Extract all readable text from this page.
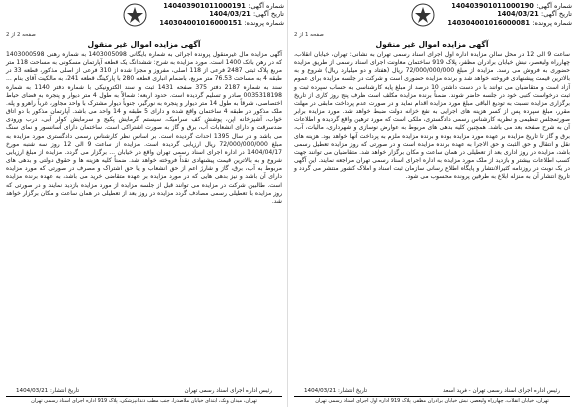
شماره آگهی: 140403901011000191
تاریخ آگهی: 1404/03/21
شماره پرونده: 140304001016000151
صفحه 2 از 2
آگهی مزایده اموال غیر منقول
آگهی مزایده مال غیرمنقول پرونده اجرائی به شماره بایگانی 1403005098 به شماره رهنی 1403000598 که در رهن بانک 1400 است. مورد مزایده به شرح: ششدانگ یک قطعه آپارتمان مسکونی به مساحت 118 متر مربع پلاک ثبتی 2487 فرعی از 118 اصلی، مفروز و مجزا شده از 310 فرعی از اصلی مذکور، قطعه 33 در طبقه 4 به مساحت 76.53 متر مربع، باضمام انباری قطعه 280 با پارکینگ قطعه 241، به مالکیت آقای بنام ... سند به شماره 2187 دفتر 375 صفحه 1431 ثبت و سند الکترونیکی با شماره دفتر 1140 به شماره 0035318198 صادر و تسلیم گردیده است. حدود اربعه: شمالاً به طول 4 متر دیوار و پنجره به فضای حیاط اختصاصی، شرقاً به طول 14 متر دیوار و پنجره به نورگیر، جنوباً دیوار مشترک با واحد مجاور، غرباً راهرو و پله. ملک مذکور در طبقه 4 ساختمان واقع شده و دارای 5 طبقه و 14 واحد می باشد. آپارتمان مذکور با دو اتاق خواب، آشپزخانه اپن، پوشش کف سرامیک، سیستم گرمایش پکیج و سرمایش کولر آبی، درب ورودی ضدسرقت و دارای انشعابات آب، برق و گاز به صورت اشتراکی است. ساختمان دارای آسانسور و نمای سنگ می باشد و در سال 1395 احداث گردیده است. بر اساس نظر کارشناس رسمی دادگستری مورد مزایده به مبلغ 72/000/000/000 ریال ارزیابی گردیده است. مزایده از ساعت 9 الی 12 روز سه شنبه مورخ 1404/04/17 در اداره اجرای اسناد رسمی تهران واقع در خیابان ... برگزار می گردد. مزایده از مبلغ ارزیابی شروع و به بالاترین قیمت پیشنهادی نقداً فروخته خواهد شد. ضمناً کلیه هزینه ها و حقوق دولتی و بدهی های مربوط به آب، برق، گاز و شارژ اعم از حق انشعاب و یا حق اشتراک و مصرف در صورتی که مورد مزایده دارای آن باشد و نیز بدهی هایی که در مورد مزایده بر عهده متقاضی خرید می باشد، به عهده برنده مزایده است. طالبین شرکت در مزایده می توانند قبل از جلسه مزایده از مورد مزایده بازدید نمایند و در صورتی که روز مزایده با تعطیلی رسمی مصادف گردد مزایده در روز بعد از تعطیلی در همان ساعت و مکان برگزار خواهد شد.
رئیس اداره اجرای اسناد رسمی تهران
تاریخ انتشار: 1404/03/21
تهران، میدان ونک، ابتدای خیابان ملاصدرا، جنب مطب دندانپزشکی، پلاک 919 اداره اجرای اسناد رسمی تهران
شماره آگهی: 140403901011000190
تاریخ آگهی: 1404/03/21
شماره پرونده: 140304001016000081
صفحه 1 از 2
آگهی مزایده اموال غیر منقول
ساعت 9 الی 12 در محل سالن مزایده اداره اول اجرای اسناد رسمی تهران به نشانی: تهران، خیابان انقلاب، چهارراه ولیعصر، نبش خیابان برادران مظفر، پلاک 919 ساختمان معاونت اجرای اسناد رسمی از طریق مزایده حضوری به فروش می رسد. مزایده از مبلغ 72/000/000/000 ریال (هفتاد و دو میلیارد ریال) شروع و به بالاترین قیمت پیشنهادی فروخته خواهد شد و برنده مزایده حضوری است و شرکت در جلسه مزایده برای عموم آزاد است و متقاضیان می توانند با در دست داشتن 10 درصد از مبلغ پایه کارشناسی به حساب سپرده ثبت و ثبت درخواست کتبی خود در جلسه حاضر شوند. ضمناً برنده مزایده مکلف است ظرف پنج روز کاری از تاریخ برگزاری مزایده نسبت به تودیع الباقی مبلغ مورد مزایده اقدام نماید و در صورت عدم پرداخت مابقی در مهلت مقرر، مبلغ سپرده پس از کسر هزینه های اجرایی به نفع خزانه دولت ضبط خواهد شد. مورد مزایده برابر صورتمجلس تنظیمی و نظریه کارشناس رسمی دادگستری، ملکی است که مورد ترهین واقع گردیده و اطلاعات آن به شرح صفحه بعد می باشد. همچنین کلیه بدهی های مربوط به عوارض نوسازی و شهرداری، مالیات، آب، برق و گاز تا تاریخ مزایده بر عهده مورد مزایده بوده و برنده مزایده ملزم به پرداخت آنها خواهد بود. هزینه های نقل و انتقال و حق الثبت و حق الاجرا به عهده برنده مزایده است و در صورتی که روز مزایده تعطیل رسمی باشد، مزایده در روز اداری بعد از تعطیلی در همان ساعت و مکان برگزار خواهد شد. متقاضیان می توانند جهت کسب اطلاعات بیشتر و بازدید از ملک مورد مزایده به اداره اجرای اسناد رسمی تهران مراجعه نمایند. این آگهی در یک نوبت در روزنامه کثیرالانتشار و پایگاه اطلاع رسانی سازمان ثبت اسناد و املاک کشور منتشر می گردد و تاریخ انتشار آن به منزله ابلاغ به طرفین پرونده محسوب می شود.
رئیس اداره اجرای اسناد رسمی تهران - فرید اسعد
تاریخ انتشار: 1404/03/21
تهران، خیابان انقلاب، چهارراه ولیعصر، نبش خیابان برادران مظفر، پلاک 919 اداره اول اجرای اسناد رسمی تهران
